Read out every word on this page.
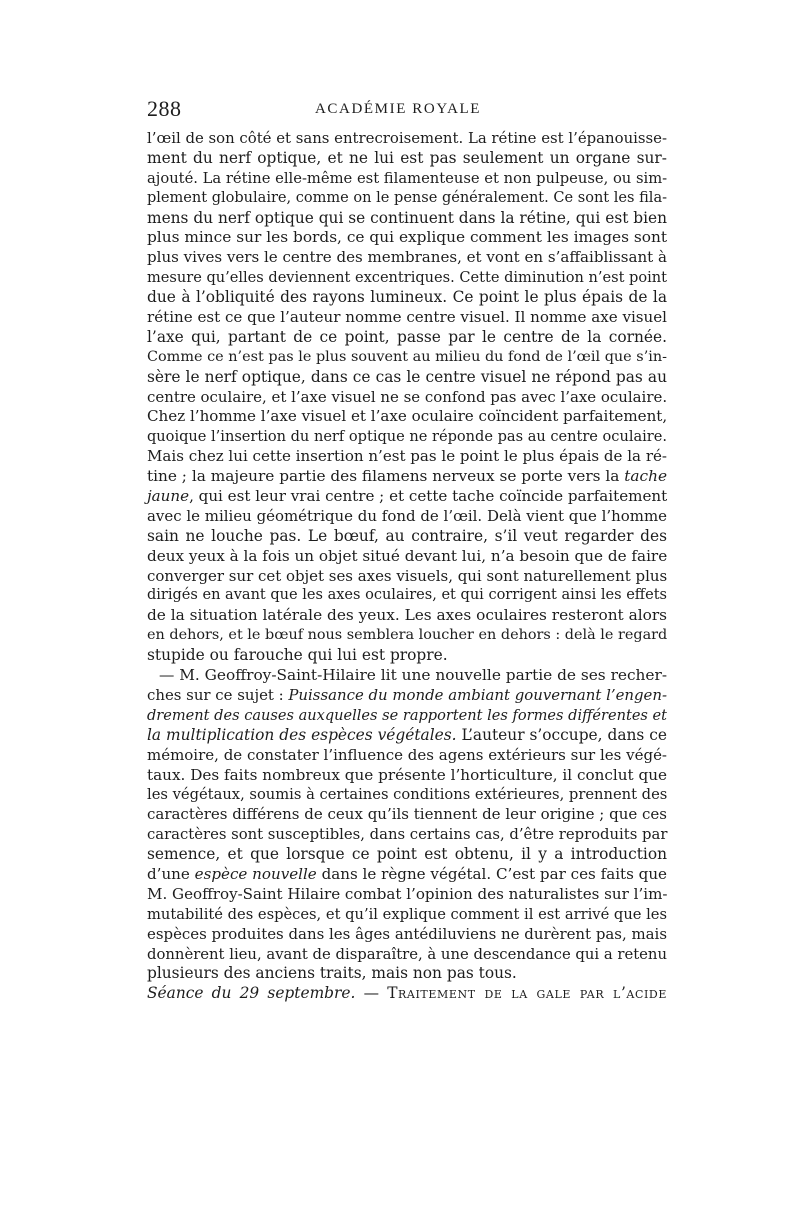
288	ACADÉMIE ROYALE
l’œil de son côté et sans entrecroisement. La rétine est l’épanouisse-
ment du nerf optique, et ne lui est pas seulement un organe sur-
ajouté. La rétine elle-même est filamenteuse et non pulpeuse, ou sim-
plement globulaire, comme on le pense généralement. Ce sont les fila-
mens du nerf optique qui se continuent dans la rétine, qui est bien
plus mince sur les bords, ce qui explique comment les images sont
plus vives vers le centre des membranes, et vont en s’affaiblissant à
mesure qu’elles deviennent excentriques. Cette diminution n’est point
due à l’obliquité des rayons lumineux. Ce point le plus épais de la
rétine est ce que l’auteur nomme centre visuel. Il nomme axe visuel
l’axe qui, partant de ce point, passe par le centre de la cornée.
Comme ce n’est pas le plus souvent au milieu du fond de l’œil que s’in-
sère le nerf optique, dans ce cas le centre visuel ne répond pas au
centre oculaire, et l’axe visuel ne se confond pas avec l’axe oculaire.
Chez l’homme l’axe visuel et l’axe oculaire coïncident parfaitement,
quoique l’insertion du nerf optique ne répondе pas au centre oculaire.
Mais chez lui cette insertion n’est pas le point le plus épais de la ré-
tine ; la majeure partie des filamens nerveux se porte vers la tache
jaune, qui est leur vrai centre ; et cette tache coïncide parfaitement
avec le milieu géométrique du fond de l’œil. Delà vient que l’homme
sain ne louche pas. Le bœuf, au contraire, s’il veut regarder des
deux yeux à la fois un objet situé devant lui, n’a besoin que de faire
converger sur cet objet ses axes visuels, qui sont naturellement plus
dirigés en avant que les axes oculaires, et qui corrigent ainsi les effets
de la situation latérale des yeux. Les axes oculaires resteront alors
en dehors, et le bœuf nous semblera loucher en dehors : delà le regard
stupide ou farouche qui lui est propre.
— M. Geoffroy-Saint-Hilaire lit une nouvelle partie de ses recher-
ches sur ce sujet : Puissance du monde ambiant gouvernant l’engen-
drement des causes auxquelles se rapportent les formes différentes et
la multiplication des espèces végétales. L’auteur s’occupe, dans ce
mémoire, de constater l’influence des agens extérieurs sur les végé-
taux. Des faits nombreux que présente l’horticulture, il conclut que
les végétaux, soumis à certaines conditions extérieures, prennent des
caractères différens de ceux qu’ils tiennent de leur origine ; que ces
caractères sont susceptibles, dans certains cas, d’être reproduits par
semence, et que lorsque ce point est obtenu, il y a introduction
d’une espèce nouvelle dans le règne végétal. C’est par ces faits que
M. Geoffroy-Saint Hilaire combat l’opinion des naturalistes sur l’im-
mutabilité des espèces, et qu’il explique comment il est arrivé que les
espèces produites dans les âges antédiluviens ne durèrent pas, mais
donnèrent lieu, avant de disparaître, à une descendance qui a retenu
plusieurs des anciens traits, mais non pas tous.
Séance du 29 septembre. — Traitement de la gale par l’acide
